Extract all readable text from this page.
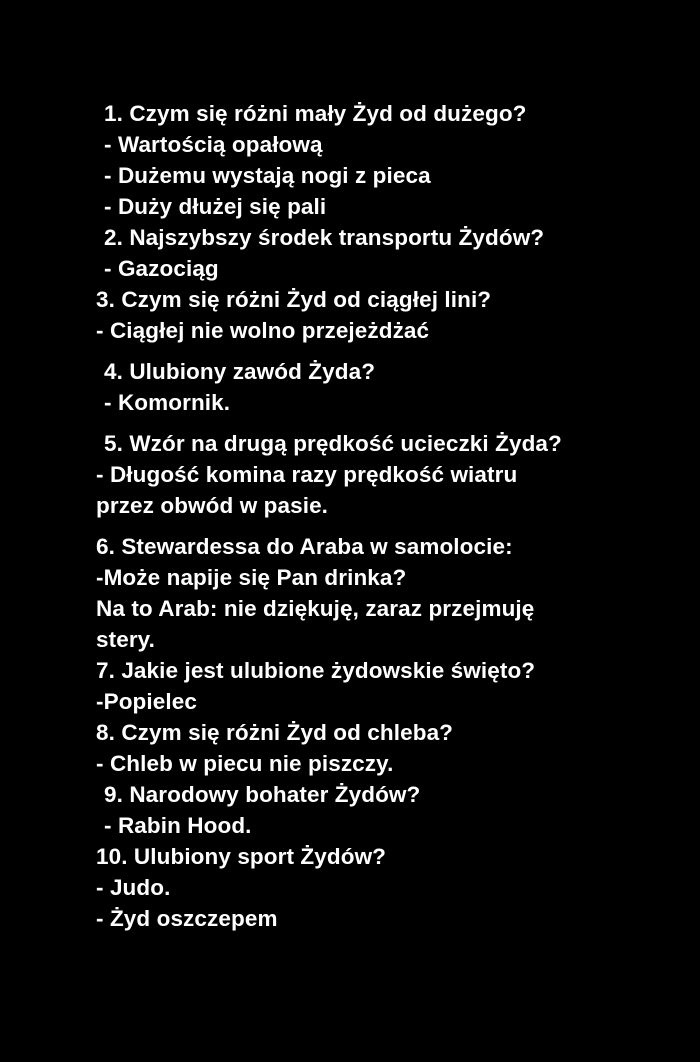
1. Czym się różni mały Żyd od dużego?
- Wartością opałową
- Dużemu wystają nogi z pieca
- Duży dłużej się pali
2. Najszybszy środek transportu Żydów?
- Gazociąg
3. Czym się różni Żyd od ciągłej lini?
- Ciągłej nie wolno przejeżdżać
4. Ulubiony zawód Żyda?
- Komornik.
5. Wzór na drugą prędkość ucieczki Żyda?
- Długość komina razy prędkość wiatru
przez obwód w pasie.
6. Stewardessa do Araba w samolocie:
-Może napije się Pan drinka?
Na to Arab: nie dziękuję, zaraz przejmuję
stery.
7. Jakie jest ulubione żydowskie święto?
-Popielec
8. Czym się różni Żyd od chleba?
- Chleb w piecu nie piszczy.
9. Narodowy bohater Żydów?
- Rabin Hood.
10. Ulubiony sport Żydów?
- Judo.
- Żyd oszczepem
